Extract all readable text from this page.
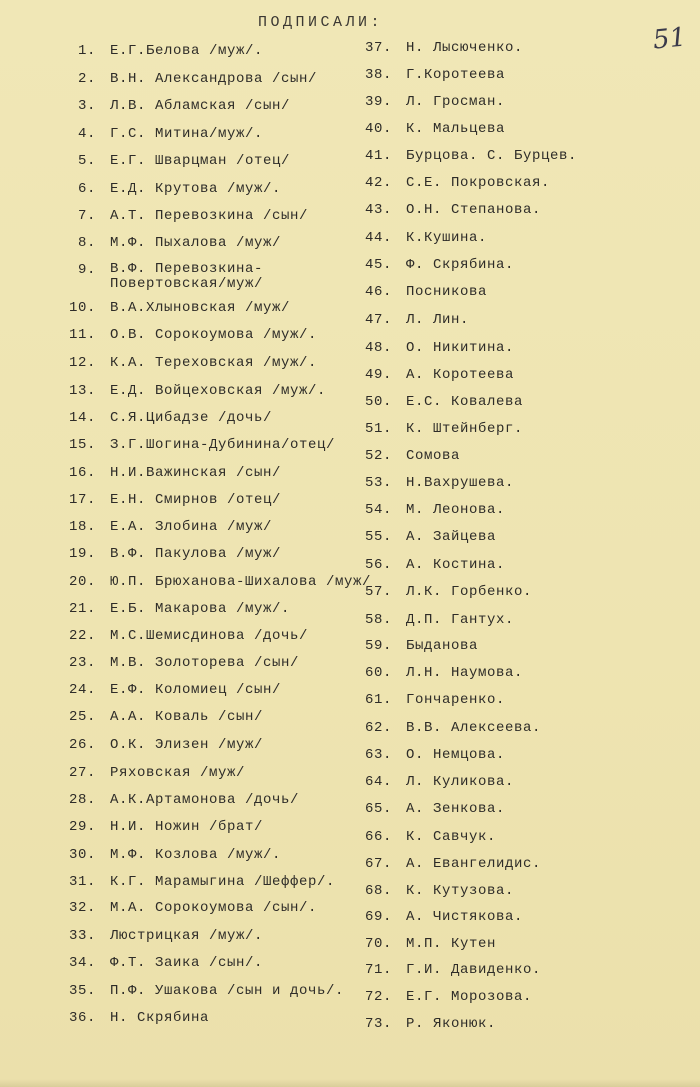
ПОДПИСАЛИ:	51
1. Е.Г.Белова /муж/.
2. В.Н. Александрова /сын/
3. Л.В. Абламская /сын/
4. Г.С. Митина/муж/.
5. Е.Г. Шварцман /отец/
6. Е.Д. Крутова /муж/.
7. А.Т. Перевозкина /сын/
8. М.Ф. Пыхалова /муж/
9. В.Ф. Перевозкина-
Повертовская/муж/
10. В.А.Хлыновская /муж/
11. О.В. Сорокоумова /муж/.
12. К.А. Тереховская /муж/.
13. Е.Д. Войцеховская /муж/.
14. С.Я.Цибадзе /дочь/
15. З.Г.Шогина-Дубинина/отец/
16. Н.И.Важинская /сын/
17. Е.Н. Смирнов /отец/
18. Е.А. Злобина /муж/
19. В.Ф. Пакулова /муж/
20. Ю.П. Брюханова-Шихалова /муж/
21. Е.Б. Макарова /муж/.
22. М.С.Шемисдинова /дочь/
23. М.В. Золоторева /сын/
24. Е.Ф. Коломиец /сын/
25. А.А. Коваль /сын/
26. О.К. Элизен /муж/
27. Ряховская /муж/
28. А.К.Артамонова /дочь/
29. Н.И. Ножин /брат/
30. М.Ф. Козлова /муж/.
31. К.Г. Марамыгина /Шеффер/.
32. М.А. Сорокоумова /сын/.
33. Люстрицкая /муж/.
34. Ф.Т. Заика /сын/.
35. П.Ф. Ушакова /сын и дочь/.
36. Н. Скрябина
37. Н. Лысюченко.
38. Г.Коротеева
39. Л. Гросман.
40. К. Мальцева
41. Бурцова. С. Бурцев.
42. С.Е. Покровская.
43. О.Н. Степанова.
44. К.Кушина.
45. Ф. Скрябина.
46. Посникова
47. Л. Лин.
48. О. Никитина.
49. А. Коротеева
50. Е.С. Ковалева
51. К. Штейнберг.
52. Сомова
53. Н.Вахрушева.
54. М. Леонова.
55. А. Зайцева
56. А. Костина.
57. Л.К. Горбенко.
58. Д.П. Гантух.
59. Быданова
60. Л.Н. Наумова.
61. Гончаренко.
62. В.В. Алексеева.
63. О. Немцова.
64. Л. Куликова.
65. А. Зенкова.
66. К. Савчук.
67. А. Евангелидис.
68. К. Кутузова.
69. А. Чистякова.
70. М.П. Кутен
71. Г.И. Давиденко.
72. Е.Г. Морозова.
73. Р. Яконюк.
